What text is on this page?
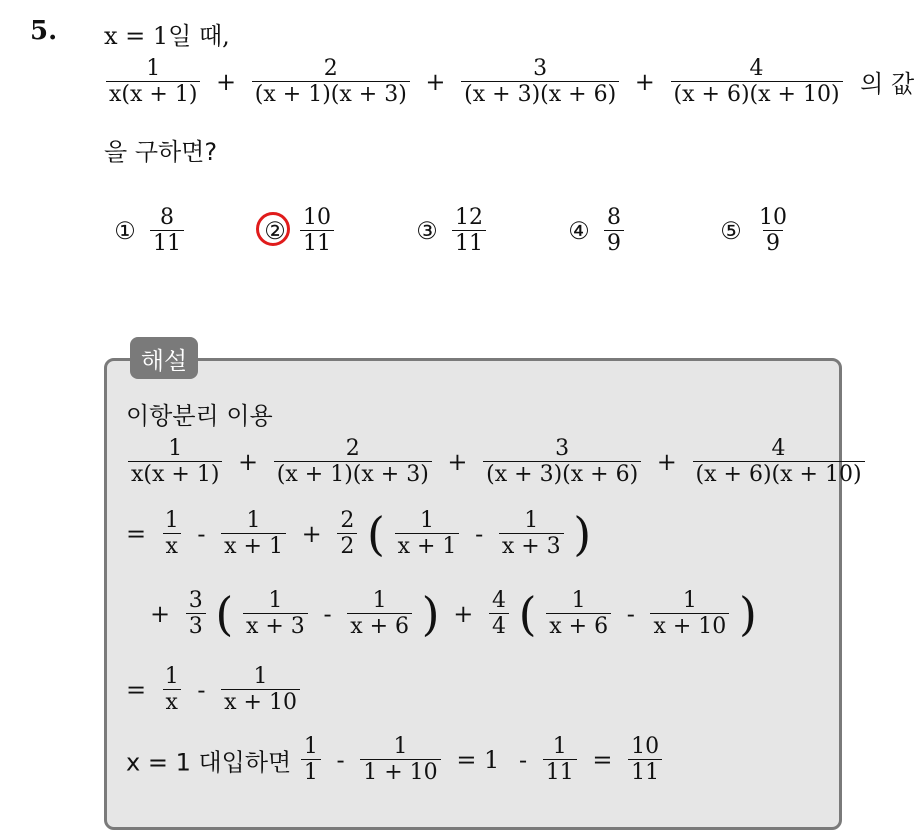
5. x = 1일 때,
$\frac{1}{x(x + 1)} + \frac{2}{(x + 1)(x + 3)} + \frac{3}{(x + 3)(x + 6)} + \frac{4}{(x + 6)(x + 10)}$ 의 값
을 구하면?
① $\frac{8}{11}$	② $\frac{10}{11}$	③ $\frac{12}{11}$	④ $\frac{8}{9}$	⑤ $\frac{10}{9}$
해설
이항분리 이용
$\frac{1}{x(x + 1)} + \frac{2}{(x + 1)(x + 3)} + \frac{3}{(x + 3)(x + 6)} + \frac{4}{(x + 6)(x + 10)}$
= $\frac{1}{x} - \frac{1}{x + 1} + \frac{2}{2}$ ( $\frac{1}{x + 1} - \frac{1}{x + 3}$ )
+ $\frac{3}{3}$ ( $\frac{1}{x + 3} - \frac{1}{x + 6}$ ) + $\frac{4}{4}$ ( $\frac{1}{x + 6} - \frac{1}{x + 10}$ )
= $\frac{1}{x} - \frac{1}{x + 10}$
x = 1 대입하면 $\frac{1}{1} - \frac{1}{1 + 10} = 1 - \frac{1}{11} = \frac{10}{11}$
